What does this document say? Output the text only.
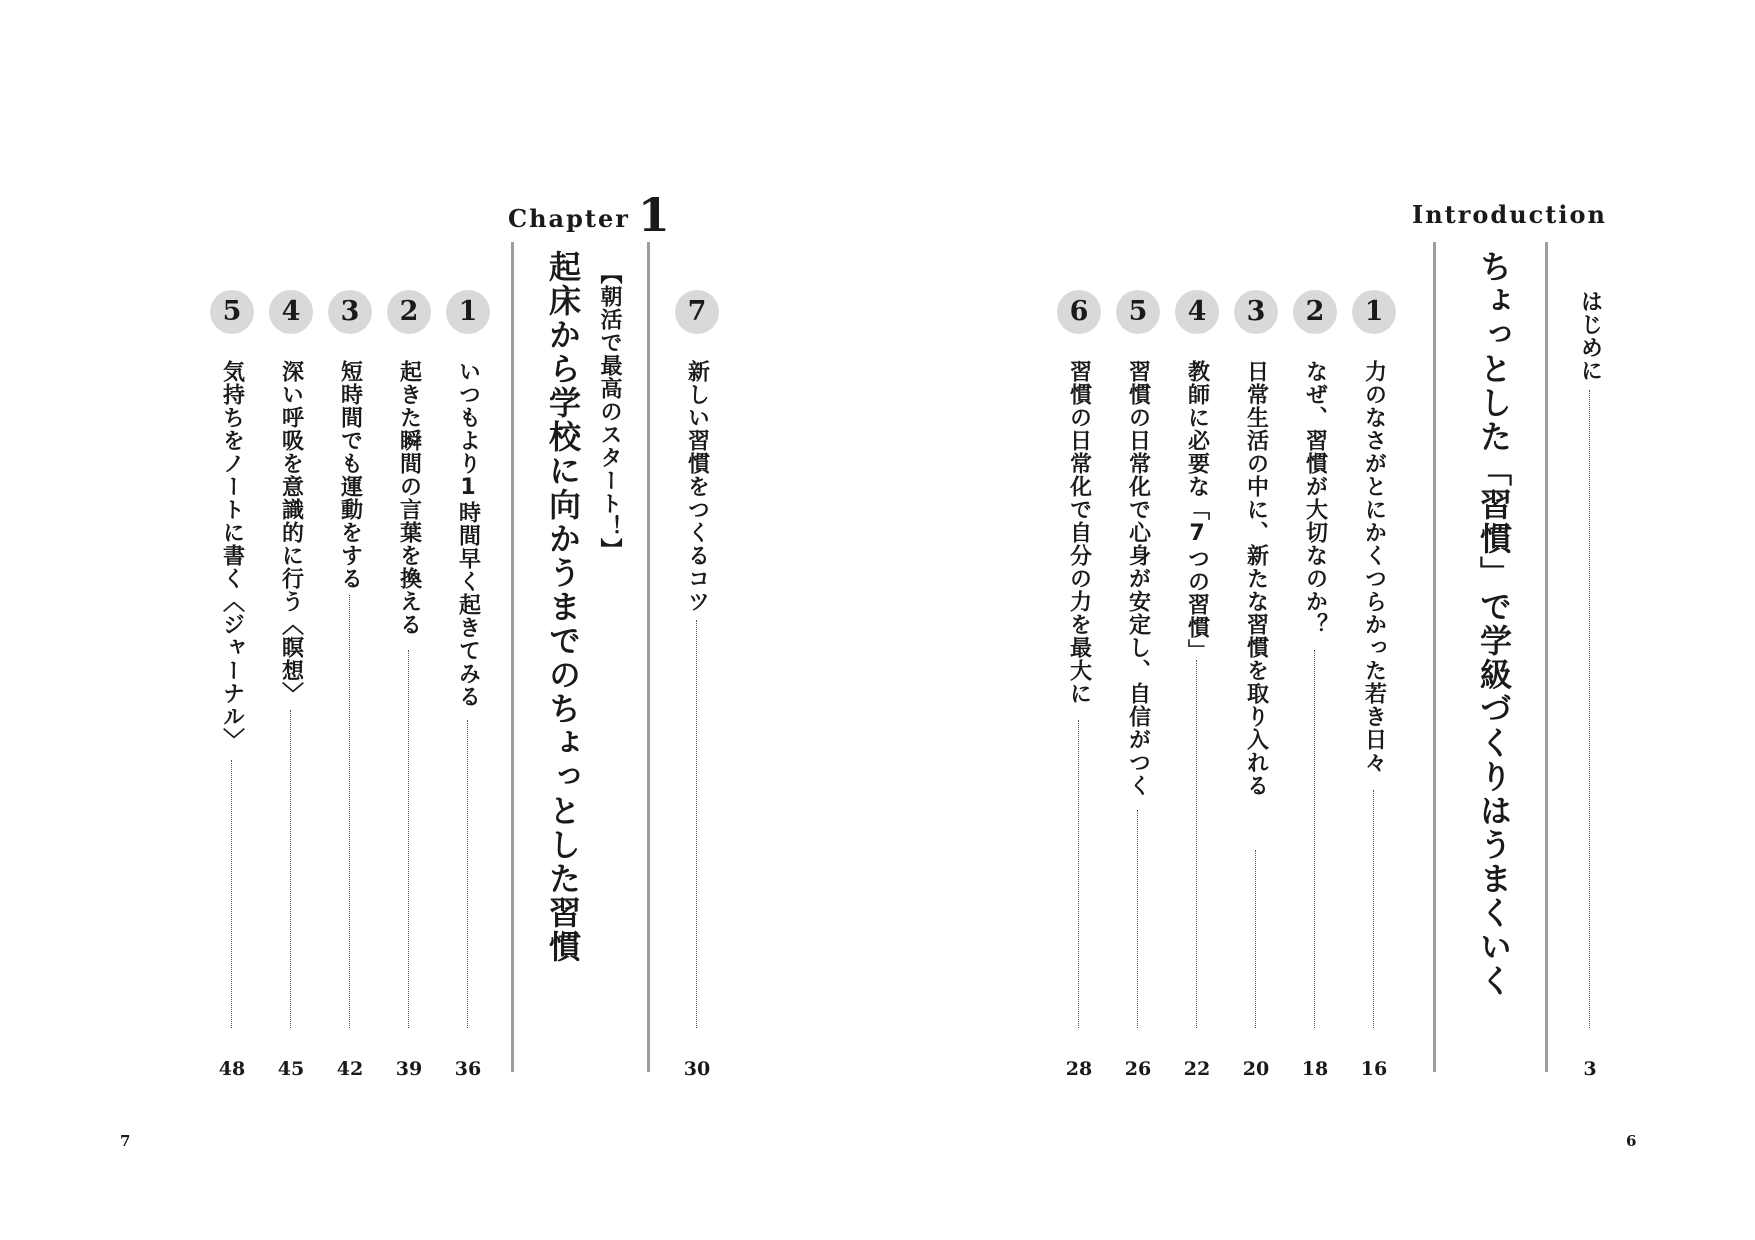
7	6
Chapter 1	Introduction
はじめに
3
ちょっとした「習慣」で学級づくりはうまくいく
1
力のなさがとにかくつらかった若き日々
16
2
なぜ、習慣が大切なのか？
18
3
日常生活の中に、新たな習慣を取り入れる
20
4
教師に必要な「7つの習慣」
22
5
習慣の日常化で心身が安定し、自信がつく
26
6
習慣の日常化で自分の力を最大に
28
7
新しい習慣をつくるコツ
30
【朝活で最高のスタート！】
起床から学校に向かうまでのちょっとした習慣
1
いつもより1時間早く起きてみる
36
2
起きた瞬間の言葉を換える
39
3
短時間でも運動をする
42
4
深い呼吸を意識的に行う〈瞑想〉
45
5
気持ちをノートに書く〈ジャーナル〉
48
